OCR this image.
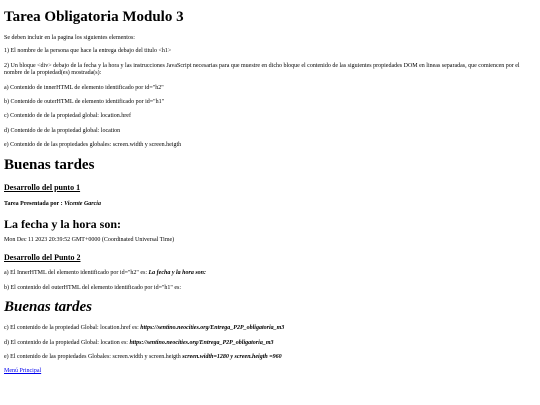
Tarea Obligatoria Modulo 3

Se deben incluir en la pagina los siguientes elementos:

1) El nombre de la persona que hace la entrega debajo del titulo <h1>

2) Un bloque <div> debajo de la fecha y la hora y las instrucciones JavaScript necesarias para que muestre en dicho bloque el contenido de las siguientes propiedades DOM en lineas separadas, que comiencen por el nombre de la propiedad(es) mostrada(s):

a) Contenido de innerHTML de elemento identificado por id="h2"

b) Contenido de outerHTML de elemento identificado por id="h1"

c) Contenido de de la propiedad global: location.href

d) Contenido de de la propiedad global: location

e) Contenido de de las propiedades globales: screen.width y screen.heigth

Buenas tardes
Desarrollo del punto 1

Tarea Presentada por : Vicente Garcia

La fecha y la hora son:

Mon Dec 11 2023 20:39:52 GMT+0000 (Coordinated Universal Time)

Desarrollo del Punto 2

a) El InnerHTML del elemento identificado por id="h2" es: La fecha y la hora son:

b) El contenido del outerHTML del elemento identificado por id="h1" es:

Buenas tardes

c) El contenido de la propiedad Global: location.href es: https://sentino.neocities.org/Entrega_P2P_obligatoria_m3

d) El contenido de la propiedad Global: location es: https://sentino.neocities.org/Entrega_P2P_obligatoria_m3

e) El contenido de las propiedades Globales: screen.width y screen.heigth screen.width=1280 y screen.heigth =960

Menú Principal
